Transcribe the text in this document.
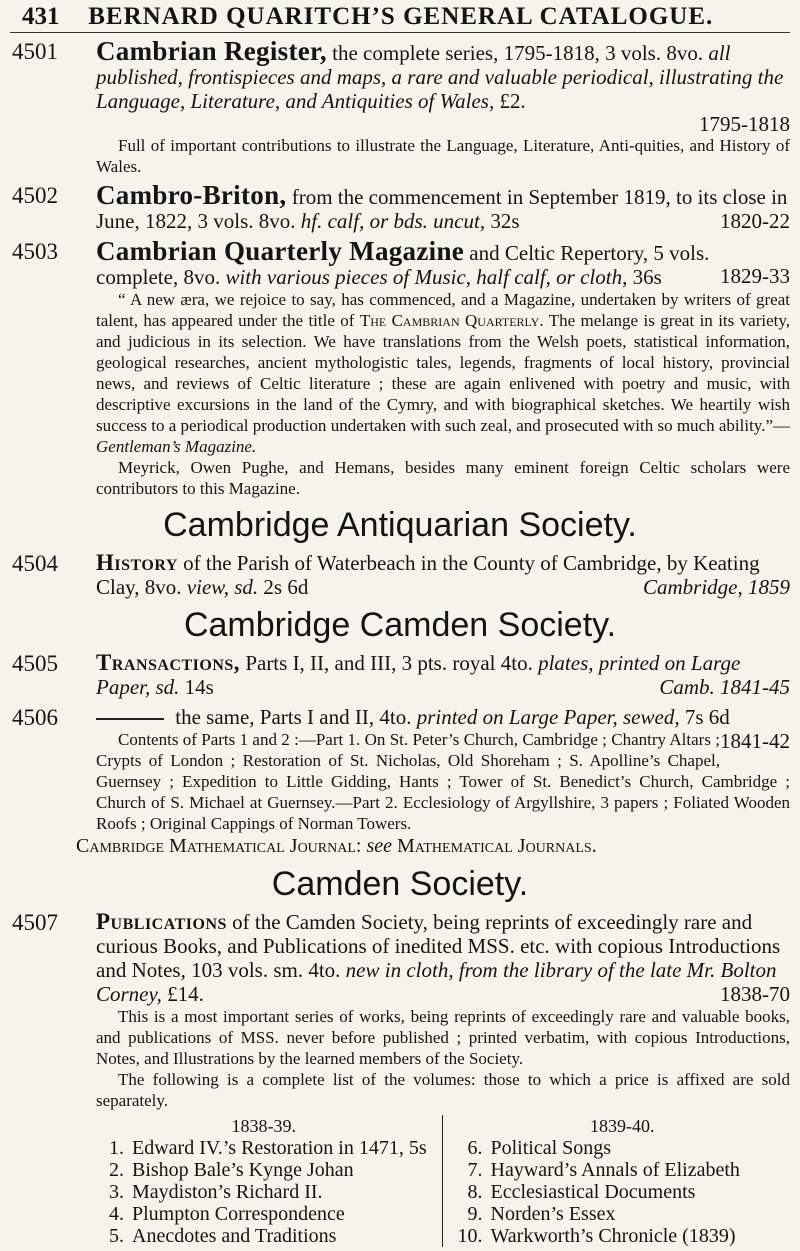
431	BERNARD QUARITCH’S GENERAL CATALOGUE.
4501 Cambrian Register, the complete series, 1795-1818, 3 vols. 8vo. all published, frontispieces and maps, a rare and valuable periodical, illustrating the Language, Literature, and Antiquities of Wales, £2.
1795-1818

Full of important contributions to illustrate the Language, Literature, Anti-quities, and History of Wales.

4502 Cambro-Briton, from the commencement in September 1819, to its close in June, 1822, 3 vols. 8vo. hf. calf, or bds. uncut, 32s	1820-22
4503 Cambrian Quarterly Magazine and Celtic Repertory, 5 vols. complete, 8vo. with various pieces of Music, half calf, or cloth, 36s	1829-33

“ A new æra, we rejoice to say, has commenced, and a Magazine, undertaken by writers of great talent, has appeared under the title of The Cambrian Quarterly. The melange is great in its variety, and judicious in its selection. We have translations from the Welsh poets, statistical information, geological researches, ancient mythologistic tales, legends, fragments of local history, provincial news, and reviews of Celtic literature ; these are again enlivened with poetry and music, with descriptive excursions in the land of the Cymry, and with biographical sketches. We heartily wish success to a periodical production undertaken with such zeal, and prosecuted with so much ability.”—Gentleman’s Magazine.

Meyrick, Owen Pughe, and Hemans, besides many eminent foreign Celtic scholars were contributors to this Magazine.

Cambridge Antiquarian Society.
4504 History of the Parish of Waterbeach in the County of Cambridge, by Keating Clay, 8vo. view, sd. 2s 6d	Cambridge, 1859
Cambridge Camden Society.
4505 Transactions, Parts I, II, and III, 3 pts. royal 4to. plates, printed on Large Paper, sd. 14s	Camb. 1841-45
4506	the same, Parts I and II, 4to. printed on Large Paper, sewed, 7s 6d
1841-42

Contents of Parts 1 and 2 :—Part 1. On St. Peter’s Church, Cambridge ; Chantry Altars ; Crypts of London ; Restoration of St. Nicholas, Old Shoreham ; S. Apolline’s Chapel, Guernsey ; Expedition to Little Gidding, Hants ; Tower of St. Benedict’s Church, Cambridge ; Church of S. Michael at Guernsey.—Part 2. Ecclesiology of Argyllshire, 3 papers ; Foliated Wooden Roofs ; Original Cappings of Norman Towers.

Cambridge Mathematical Journal: see Mathematical Journals.
Camden Society.
4507 Publications of the Camden Society, being reprints of exceedingly rare and curious Books, and Publications of inedited MSS. etc. with copious Introductions and Notes, 103 vols. sm. 4to. new in cloth, from the library of the late Mr. Bolton Corney, £14.	1838-70

This is a most important series of works, being reprints of exceedingly rare and valuable books, and publications of MSS. never before published ; printed verbatim, with copious Introductions, Notes, and Illustrations by the learned members of the Society.

The following is a complete list of the volumes: those to which a price is affixed are sold separately.

1838-39.
1. Edward IV.’s Restoration in 1471, 5s
2. Bishop Bale’s Kynge Johan
3. Maydiston’s Richard II.
4. Plumpton Correspondence
5. Anecdotes and Traditions
1839-40.
6. Political Songs
7. Hayward’s Annals of Elizabeth
8. Ecclesiastical Documents
9. Norden’s Essex
10. Warkworth’s Chronicle (1839)
